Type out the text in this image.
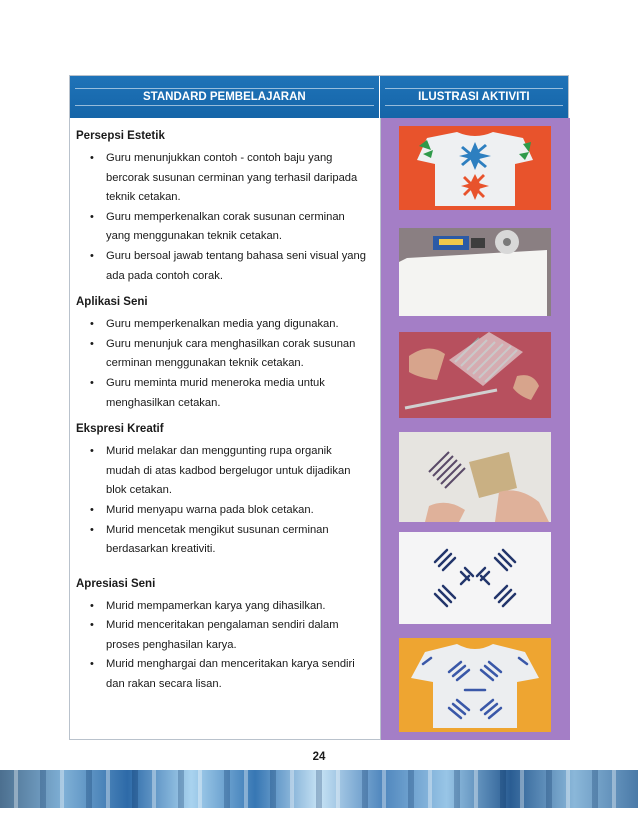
STANDARD PEMBELAJARAN	ILUSTRASI AKTIVITI
Persepsi Estetik
• Guru menunjukkan contoh - contoh baju yang
bercorak susunan cerminan yang terhasil daripada
teknik cetakan.
• Guru memperkenalkan corak susunan cerminan
yang menggunakan teknik cetakan.
• Guru bersoal jawab tentang bahasa seni visual yang
ada pada contoh corak.
Aplikasi Seni
• Guru memperkenalkan media yang digunakan.
• Guru menunjuk cara menghasilkan corak susunan
cerminan menggunakan teknik cetakan.
• Guru meminta murid meneroka media untuk
menghasilkan cetakan.
Ekspresi Kreatif
• Murid melakar dan menggunting rupa organik
mudah di atas kadbod bergelugor untuk dijadikan
blok cetakan.
• Murid menyapu warna pada blok cetakan.
• Murid mencetak mengikut susunan cerminan
berdasarkan kreativiti.
Apresiasi Seni
• Murid mempamerkan karya yang dihasilkan.
• Murid menceritakan pengalaman sendiri dalam
proses penghasilan karya.
• Murid menghargai dan menceritakan karya sendiri
dan rakan secara lisan.
24
